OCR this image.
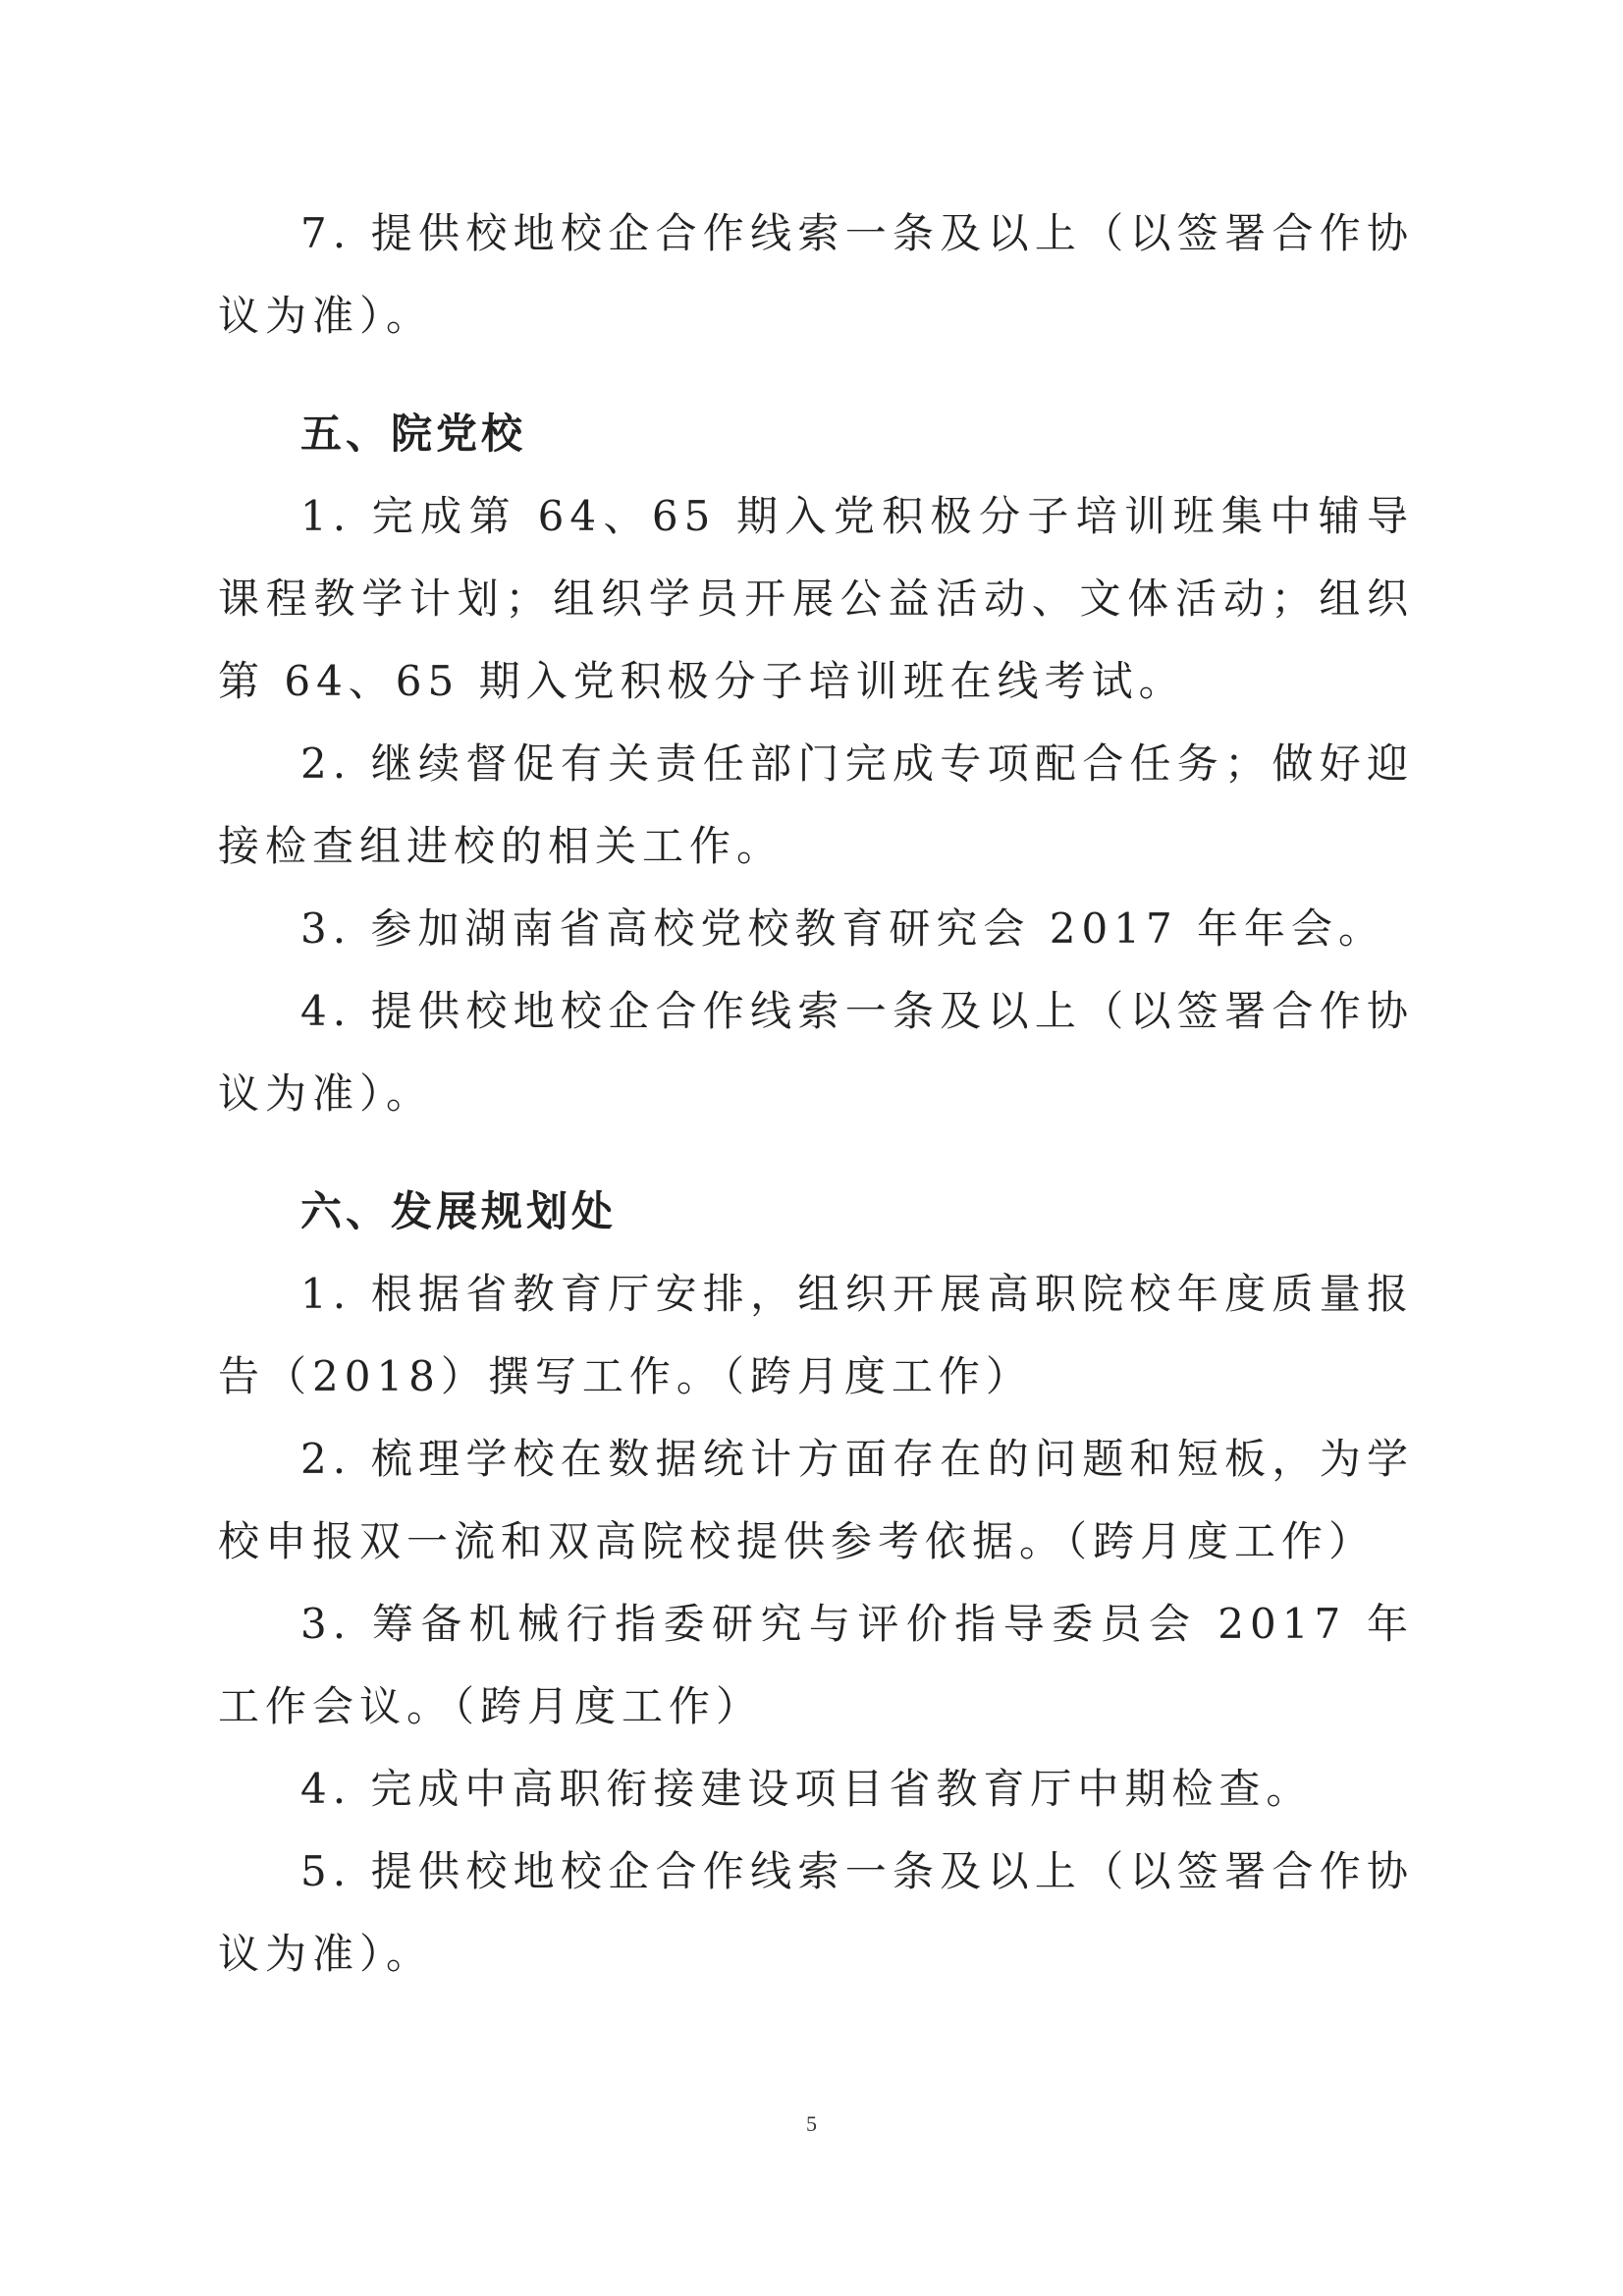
7. 提供校地校企合作线索一条及以上（以签署合作协议为准）。

五、院党校

1. 完成第 64、65 期入党积极分子培训班集中辅导课程教学计划；组织学员开展公益活动、文体活动；组织第 64、65 期入党积极分子培训班在线考试。

2. 继续督促有关责任部门完成专项配合任务；做好迎接检查组进校的相关工作。

3. 参加湖南省高校党校教育研究会 2017 年年会。

4. 提供校地校企合作线索一条及以上（以签署合作协议为准）。

六、发展规划处

1. 根据省教育厅安排，组织开展高职院校年度质量报告（2018）撰写工作。（跨月度工作）

2. 梳理学校在数据统计方面存在的问题和短板，为学校申报双一流和双高院校提供参考依据。（跨月度工作）

3. 筹备机械行指委研究与评价指导委员会 2017 年工作会议。（跨月度工作）

4. 完成中高职衔接建设项目省教育厅中期检查。

5. 提供校地校企合作线索一条及以上（以签署合作协议为准）。

5
